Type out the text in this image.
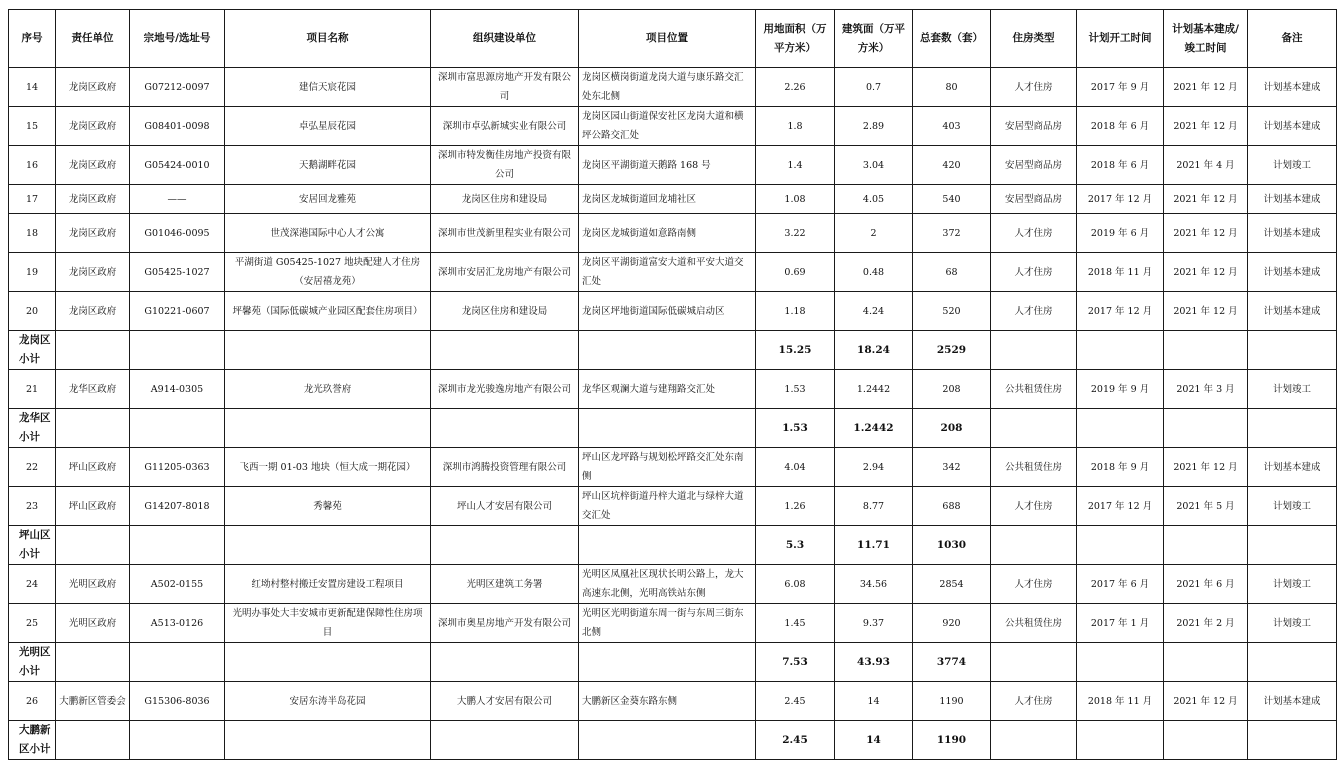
序号	责任单位	宗地号/选址号	项目名称	组织建设单位	项目位置	用地面积（万平方米）	建筑面（万平方米）	总套数（套）	住房类型	计划开工时间	计划基本建成/竣工时间	备注
14	龙岗区政府	G07212-0097	建信天宸花园	深圳市富思源房地产开发有限公司	龙岗区横岗街道龙岗大道与康乐路交汇处东北侧	2.26	0.7	80	人才住房	2017 年 9 月	2021 年 12 月	计划基本建成
15	龙岗区政府	G08401-0098	卓弘星辰花园	深圳市卓弘新城实业有限公司	龙岗区园山街道保安社区龙岗大道和横坪公路交汇处	1.8	2.89	403	安居型商品房	2018 年 6 月	2021 年 12 月	计划基本建成
16	龙岗区政府	G05424-0010	天鹅湖畔花园	深圳市特发衡佳房地产投资有限公司	龙岗区平湖街道天鹅路 168 号	1.4	3.04	420	安居型商品房	2018 年 6 月	2021 年 4 月	计划竣工
17	龙岗区政府	——	安居回龙雅苑	龙岗区住房和建设局	龙岗区龙城街道回龙埔社区	1.08	4.05	540	安居型商品房	2017 年 12 月	2021 年 12 月	计划基本建成
18	龙岗区政府	G01046-0095	世茂深港国际中心人才公寓	深圳市世茂新里程实业有限公司	龙岗区龙城街道如意路南侧	3.22	2	372	人才住房	2019 年 6 月	2021 年 12 月	计划基本建成
19	龙岗区政府	G05425-1027	平湖街道 G05425-1027 地块配建人才住房（安居禧龙苑）	深圳市安居汇龙房地产有限公司	龙岗区平湖街道富安大道和平安大道交汇处	0.69	0.48	68	人才住房	2018 年 11 月	2021 年 12 月	计划基本建成
20	龙岗区政府	G10221-0607	坪馨苑（国际低碳城产业园区配套住房项目）	龙岗区住房和建设局	龙岗区坪地街道国际低碳城启动区	1.18	4.24	520	人才住房	2017 年 12 月	2021 年 12 月	计划基本建成
龙岗区小计						15.25	18.24	2529				
21	龙华区政府	A914-0305	龙光玖誉府	深圳市龙光骏逸房地产有限公司	龙华区观澜大道与建翔路交汇处	1.53	1.2442	208	公共租赁住房	2019 年 9 月	2021 年 3 月	计划竣工
龙华区小计						1.53	1.2442	208				
22	坪山区政府	G11205-0363	飞西一期 01-03 地块（恒大成一期花园）	深圳市鸿腾投资管理有限公司	坪山区龙坪路与规划松坪路交汇处东南侧	4.04	2.94	342	公共租赁住房	2018 年 9 月	2021 年 12 月	计划基本建成
23	坪山区政府	G14207-8018	秀馨苑	坪山人才安居有限公司	坪山区坑梓街道丹梓大道北与绿梓大道交汇处	1.26	8.77	688	人才住房	2017 年 12 月	2021 年 5 月	计划竣工
坪山区小计						5.3	11.71	1030				
24	光明区政府	A502-0155	红坳村整村搬迁安置房建设工程项目	光明区建筑工务署	光明区凤凰社区现状长明公路上，龙大高速东北侧，光明高铁站东侧	6.08	34.56	2854	人才住房	2017 年 6 月	2021 年 6 月	计划竣工
25	光明区政府	A513-0126	光明办事处大丰安城市更新配建保障性住房项目	深圳市奥星房地产开发有限公司	光明区光明街道东周一街与东周三街东北侧	1.45	9.37	920	公共租赁住房	2017 年 1 月	2021 年 2 月	计划竣工
光明区小计						7.53	43.93	3774				
26	大鹏新区管委会	G15306-8036	安居东涛半岛花园	大鹏人才安居有限公司	大鹏新区金葵东路东侧	2.45	14	1190	人才住房	2018 年 11 月	2021 年 12 月	计划基本建成
大鹏新区小计						2.45	14	1190				
